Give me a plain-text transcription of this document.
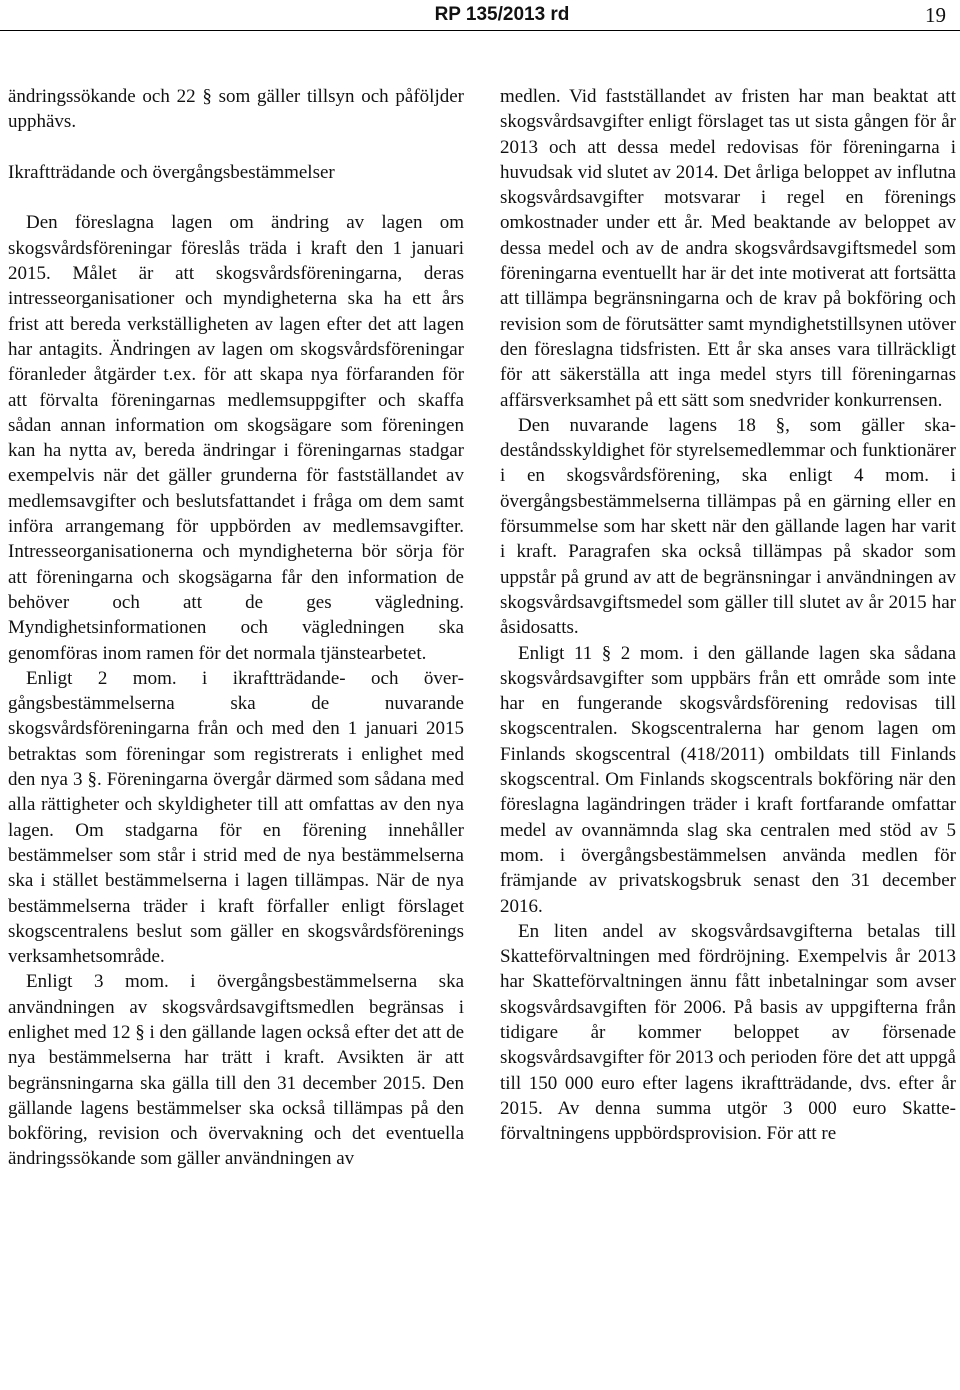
RP 135/2013 rd	19

ändringssökande och 22 § som gäller tillsyn och påföljder upphävs.

Ikraftträdande och övergångsbestämmelser

Den föreslagna lagen om ändring av lagen om skogsvårdsföreningar föreslås träda i kraft den 1 januari 2015. Målet är att skogsvårdsföreningarna, deras intresseorganisationer och myndigheterna ska ha ett års frist att bereda verkställigheten av lagen efter det att lagen har antagits. Ändringen av lagen om skogsvårdsföreningar föranleder åtgärder t.ex. för att skapa nya förfaranden för att förvalta föreningarnas medlemsuppgifter och skaffa sådan annan information om skogsägare som föreningen kan ha nytta av, bereda ändringar i föreningarnas stadgar exempelvis när det gäller grunderna för fastställandet av medlemsavgifter och beslutsfattandet i fråga om dem samt införa arrangemang för uppbörden av medlemsavgifter. Intresseorganisationerna och myndigheterna bör sörja för att föreningarna och skogsägarna får den information de behöver och att de ges vägledning. Myndighetsinformationen och vägledningen ska genomföras inom ramen för det normala tjänstearbetet.

Enligt 2 mom. i ikraftträdande- och övergångsbestämmelserna ska de nuvarande skogsvårdsföreningarna från och med den 1 januari 2015 betraktas som föreningar som registrerats i enlighet med den nya 3 §. Föreningarna övergår därmed som sådana med alla rättigheter och skyldigheter till att omfattas av den nya lagen. Om stadgarna för en förening innehåller bestämmelser som står i strid med de nya bestämmelserna ska i stället bestämmelserna i lagen tillämpas. När de nya bestämmelserna träder i kraft förfaller enligt förslaget skogscentralens beslut som gäller en skogsvårdsförenings verksamhetsområde.

Enligt 3 mom. i övergångsbestämmelserna ska användningen av skogsvårdsavgiftsmedlen begränsas i enlighet med 12 § i den gällande lagen också efter det att de nya bestämmelserna har trätt i kraft. Avsikten är att begränsningarna ska gälla till den 31 december 2015. Den gällande lagens bestämmelser ska också tillämpas på den bokföring, revision och övervakning och det eventuella ändringssökande som gäller användningen av

medlen. Vid fastställandet av fristen har man beaktat att skogsvårdsavgifter enligt förslaget tas ut sista gången för år 2013 och att dessa medel redovisas för föreningarna i huvudsak vid slutet av 2014. Det årliga beloppet av influtna skogsvårdsavgifter motsvarar i regel en förenings omkostnader under ett år. Med beaktande av beloppet av dessa medel och av de andra skogsvårdsavgiftsmedel som föreningarna eventuellt har är det inte motiverat att fortsätta att tillämpa begränsningarna och de krav på bokföring och revision som de förutsätter samt myndighetstillsynen utöver den föreslagna tidsfristen. Ett år ska anses vara tillräckligt för att säkerställa att inga medel styrs till föreningarnas affärsverksamhet på ett sätt som snedvrider konkurrensen.

Den nuvarande lagens 18 §, som gäller skadeståndsskyldighet för styrelsemedlemmar och funktionärer i en skogsvårdsförening, ska enligt 4 mom. i övergångsbestämmelserna tillämpas på en gärning eller en försummelse som har skett när den gällande lagen har varit i kraft. Paragrafen ska också tillämpas på skador som uppstår på grund av att de begränsningar i användningen av skogsvårdsavgiftsmedel som gäller till slutet av år 2015 har åsidosatts.

Enligt 11 § 2 mom. i den gällande lagen ska sådana skogsvårdsavgifter som uppbärs från ett område som inte har en fungerande skogsvårdsförening redovisas till skogscentralen. Skogscentralerna har genom lagen om Finlands skogscentral (418/2011) ombildats till Finlands skogscentral. Om Finlands skogscentrals bokföring när den föreslagna lagändringen träder i kraft fortfarande omfattar medel av ovannämnda slag ska centralen med stöd av 5 mom. i övergångsbestämmelsen använda medlen för främjande av privatskogsbruk senast den 31 december 2016.

En liten andel av skogsvårdsavgifterna betalas till Skatteförvaltningen med fördröjning. Exempelvis år 2013 har Skatteförvaltningen ännu fått inbetalningar som avser skogsvårdsavgiften för 2006. På basis av uppgifterna från tidigare år kommer beloppet av försenade skogsvårdsavgifter för 2013 och perioden före det att uppgå till 150 000 euro efter lagens ikraftträdande, dvs. efter år 2015. Av denna summa utgör 3 000 euro Skatteförvaltningens uppbördsprovision. För att re
